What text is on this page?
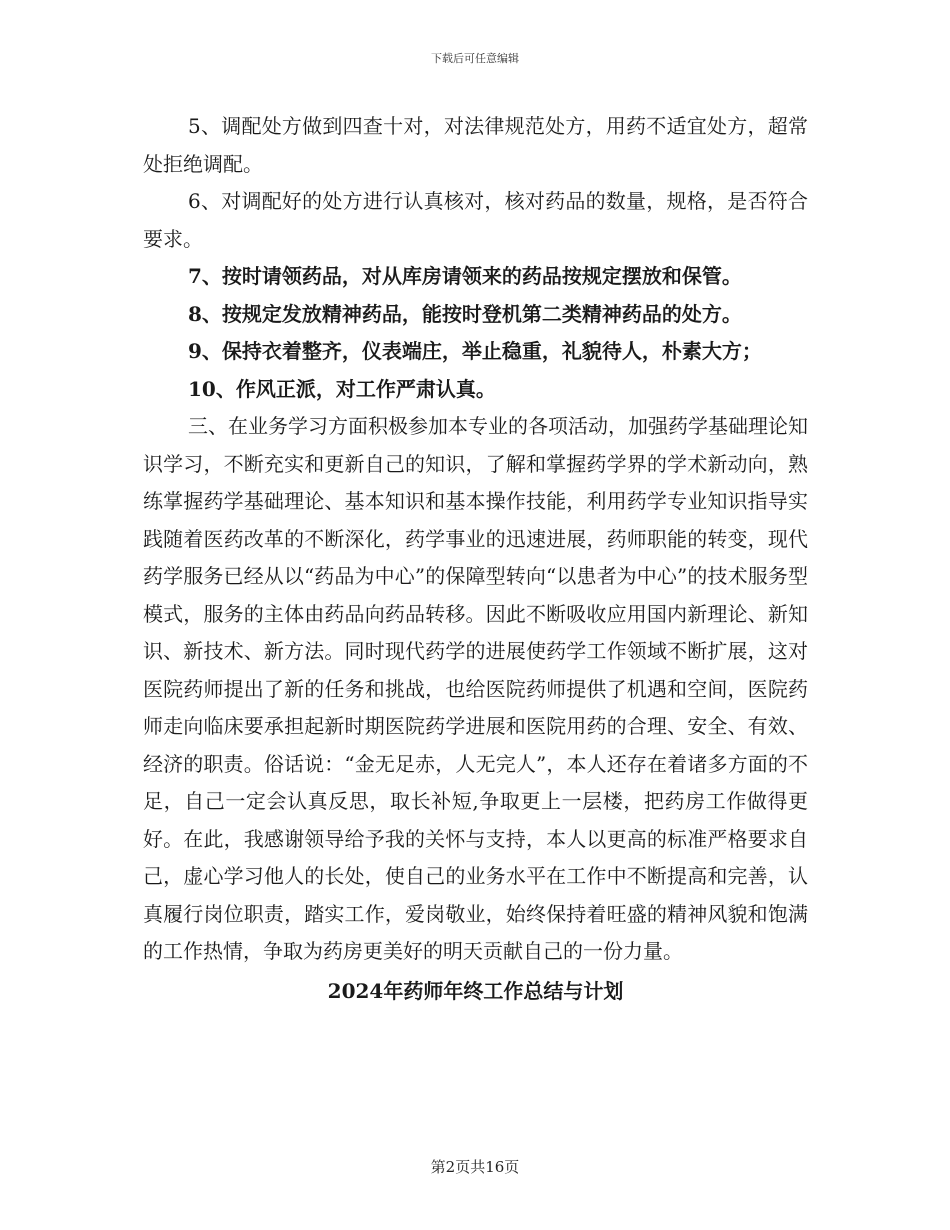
下载后可任意编辑

5、调配处方做到四查十对，对法律规范处方，用药不适宜处方，超常处拒绝调配。

6、对调配好的处方进行认真核对，核对药品的数量，规格，是否符合要求。

7、按时请领药品，对从库房请领来的药品按规定摆放和保管。

8、按规定发放精神药品，能按时登机第二类精神药品的处方。

9、保持衣着整齐，仪表端庄，举止稳重，礼貌待人，朴素大方；

10、作风正派，对工作严肃认真。

三、在业务学习方面积极参加本专业的各项活动，加强药学基础理论知识学习，不断充实和更新自己的知识，了解和掌握药学界的学术新动向，熟练掌握药学基础理论、基本知识和基本操作技能，利用药学专业知识指导实践随着医药改革的不断深化，药学事业的迅速进展，药师职能的转变，现代药学服务已经从以“药品为中心”的保障型转向“以患者为中心”的技术服务型模式，服务的主体由药品向药品转移。因此不断吸收应用国内新理论、新知识、新技术、新方法。同时现代药学的进展使药学工作领域不断扩展，这对医院药师提出了新的任务和挑战，也给医院药师提供了机遇和空间，医院药师走向临床要承担起新时期医院药学进展和医院用药的合理、安全、有效、经济的职责。俗话说：“金无足赤，人无完人”，本人还存在着诸多方面的不足，自己一定会认真反思，取长补短,争取更上一层楼，把药房工作做得更好。在此，我感谢领导给予我的关怀与支持，本人以更高的标准严格要求自己，虚心学习他人的长处，使自己的业务水平在工作中不断提高和完善，认真履行岗位职责，踏实工作，爱岗敬业，始终保持着旺盛的精神风貌和饱满的工作热情，争取为药房更美好的明天贡献自己的一份力量。

2024年药师年终工作总结与计划

第2页共16页
